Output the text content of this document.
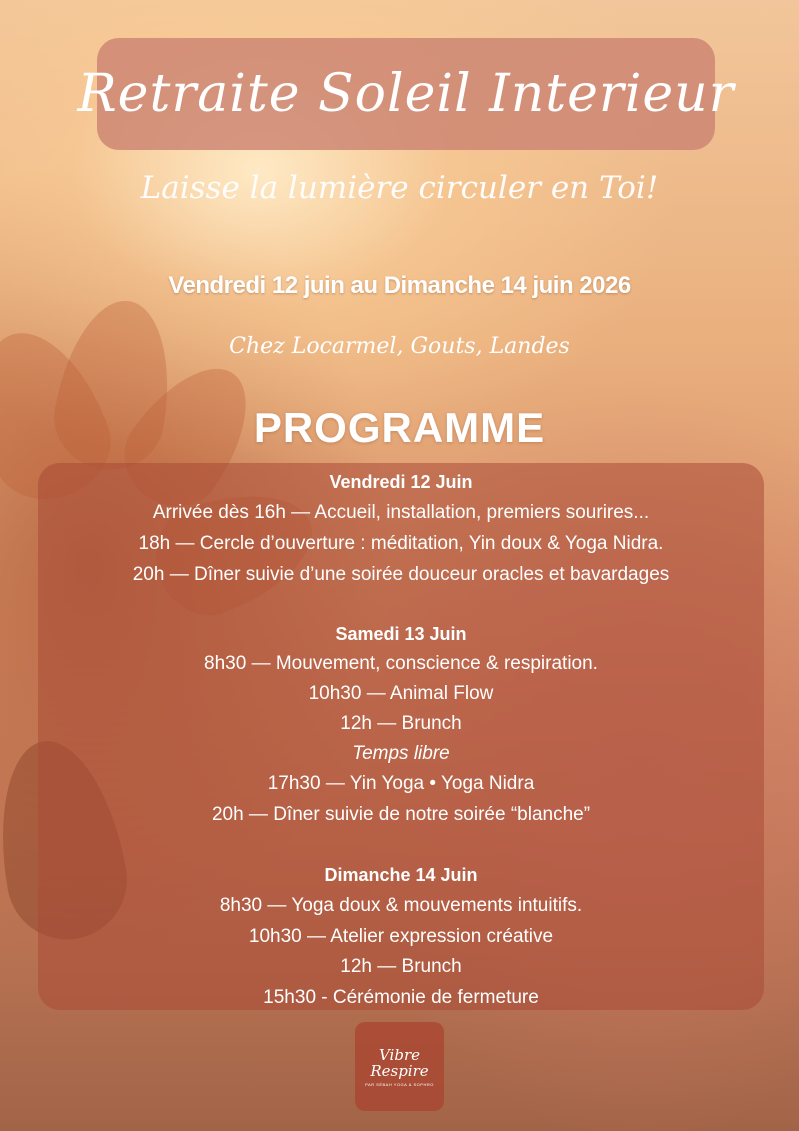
Retraite Soleil Interieur
Laisse la lumière circuler en Toi!
Vendredi 12 juin au Dimanche 14 juin 2026
Chez Locarmel, Gouts, Landes
PROGRAMME
Vendredi 12 Juin
Arrivée dès 16h — Accueil, installation, premiers sourires...
18h — Cercle d’ouverture : méditation, Yin doux & Yoga Nidra.
20h — Dîner suivie d’une soirée douceur oracles et bavardages
Samedi 13 Juin
8h30 — Mouvement, conscience & respiration.
10h30 — Animal Flow
12h — Brunch
Temps libre
17h30 — Yin Yoga • Yoga Nidra
20h — Dîner suivie de notre soirée “blanche”
Dimanche 14 Juin
8h30 — Yoga doux & mouvements intuitifs.
10h30 — Atelier expression créative
12h — Brunch
15h30 - Cérémonie de fermeture
Vibre
Respire
PAR SÉBAH YOGA & SOPHRO
